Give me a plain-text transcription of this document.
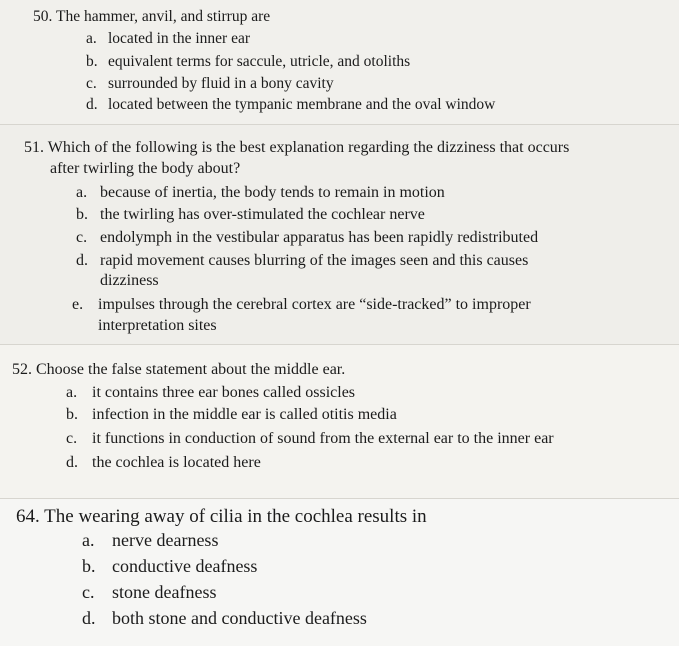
50. The hammer, anvil, and stirrup are
a. located in the inner ear
b. equivalent terms for saccule, utricle, and otoliths
c. surrounded by fluid in a bony cavity
d. located between the tympanic membrane and the oval window
51. Which of the following is the best explanation regarding the dizziness that occurs
after twirling the body about?
a. because of inertia, the body tends to remain in motion
b. the twirling has over-stimulated the cochlear nerve
c. endolymph in the vestibular apparatus has been rapidly redistributed
d. rapid movement causes blurring of the images seen and this causes
dizziness
e. impulses through the cerebral cortex are “side-tracked” to improper
interpretation sites
52. Choose the false statement about the middle ear.
a. it contains three ear bones called ossicles
b. infection in the middle ear is called otitis media
c. it functions in conduction of sound from the external ear to the inner ear
d. the cochlea is located here
64. The wearing away of cilia in the cochlea results in
a. nerve dearness
b. conductive deafness
c. stone deafness
d. both stone and conductive deafness
